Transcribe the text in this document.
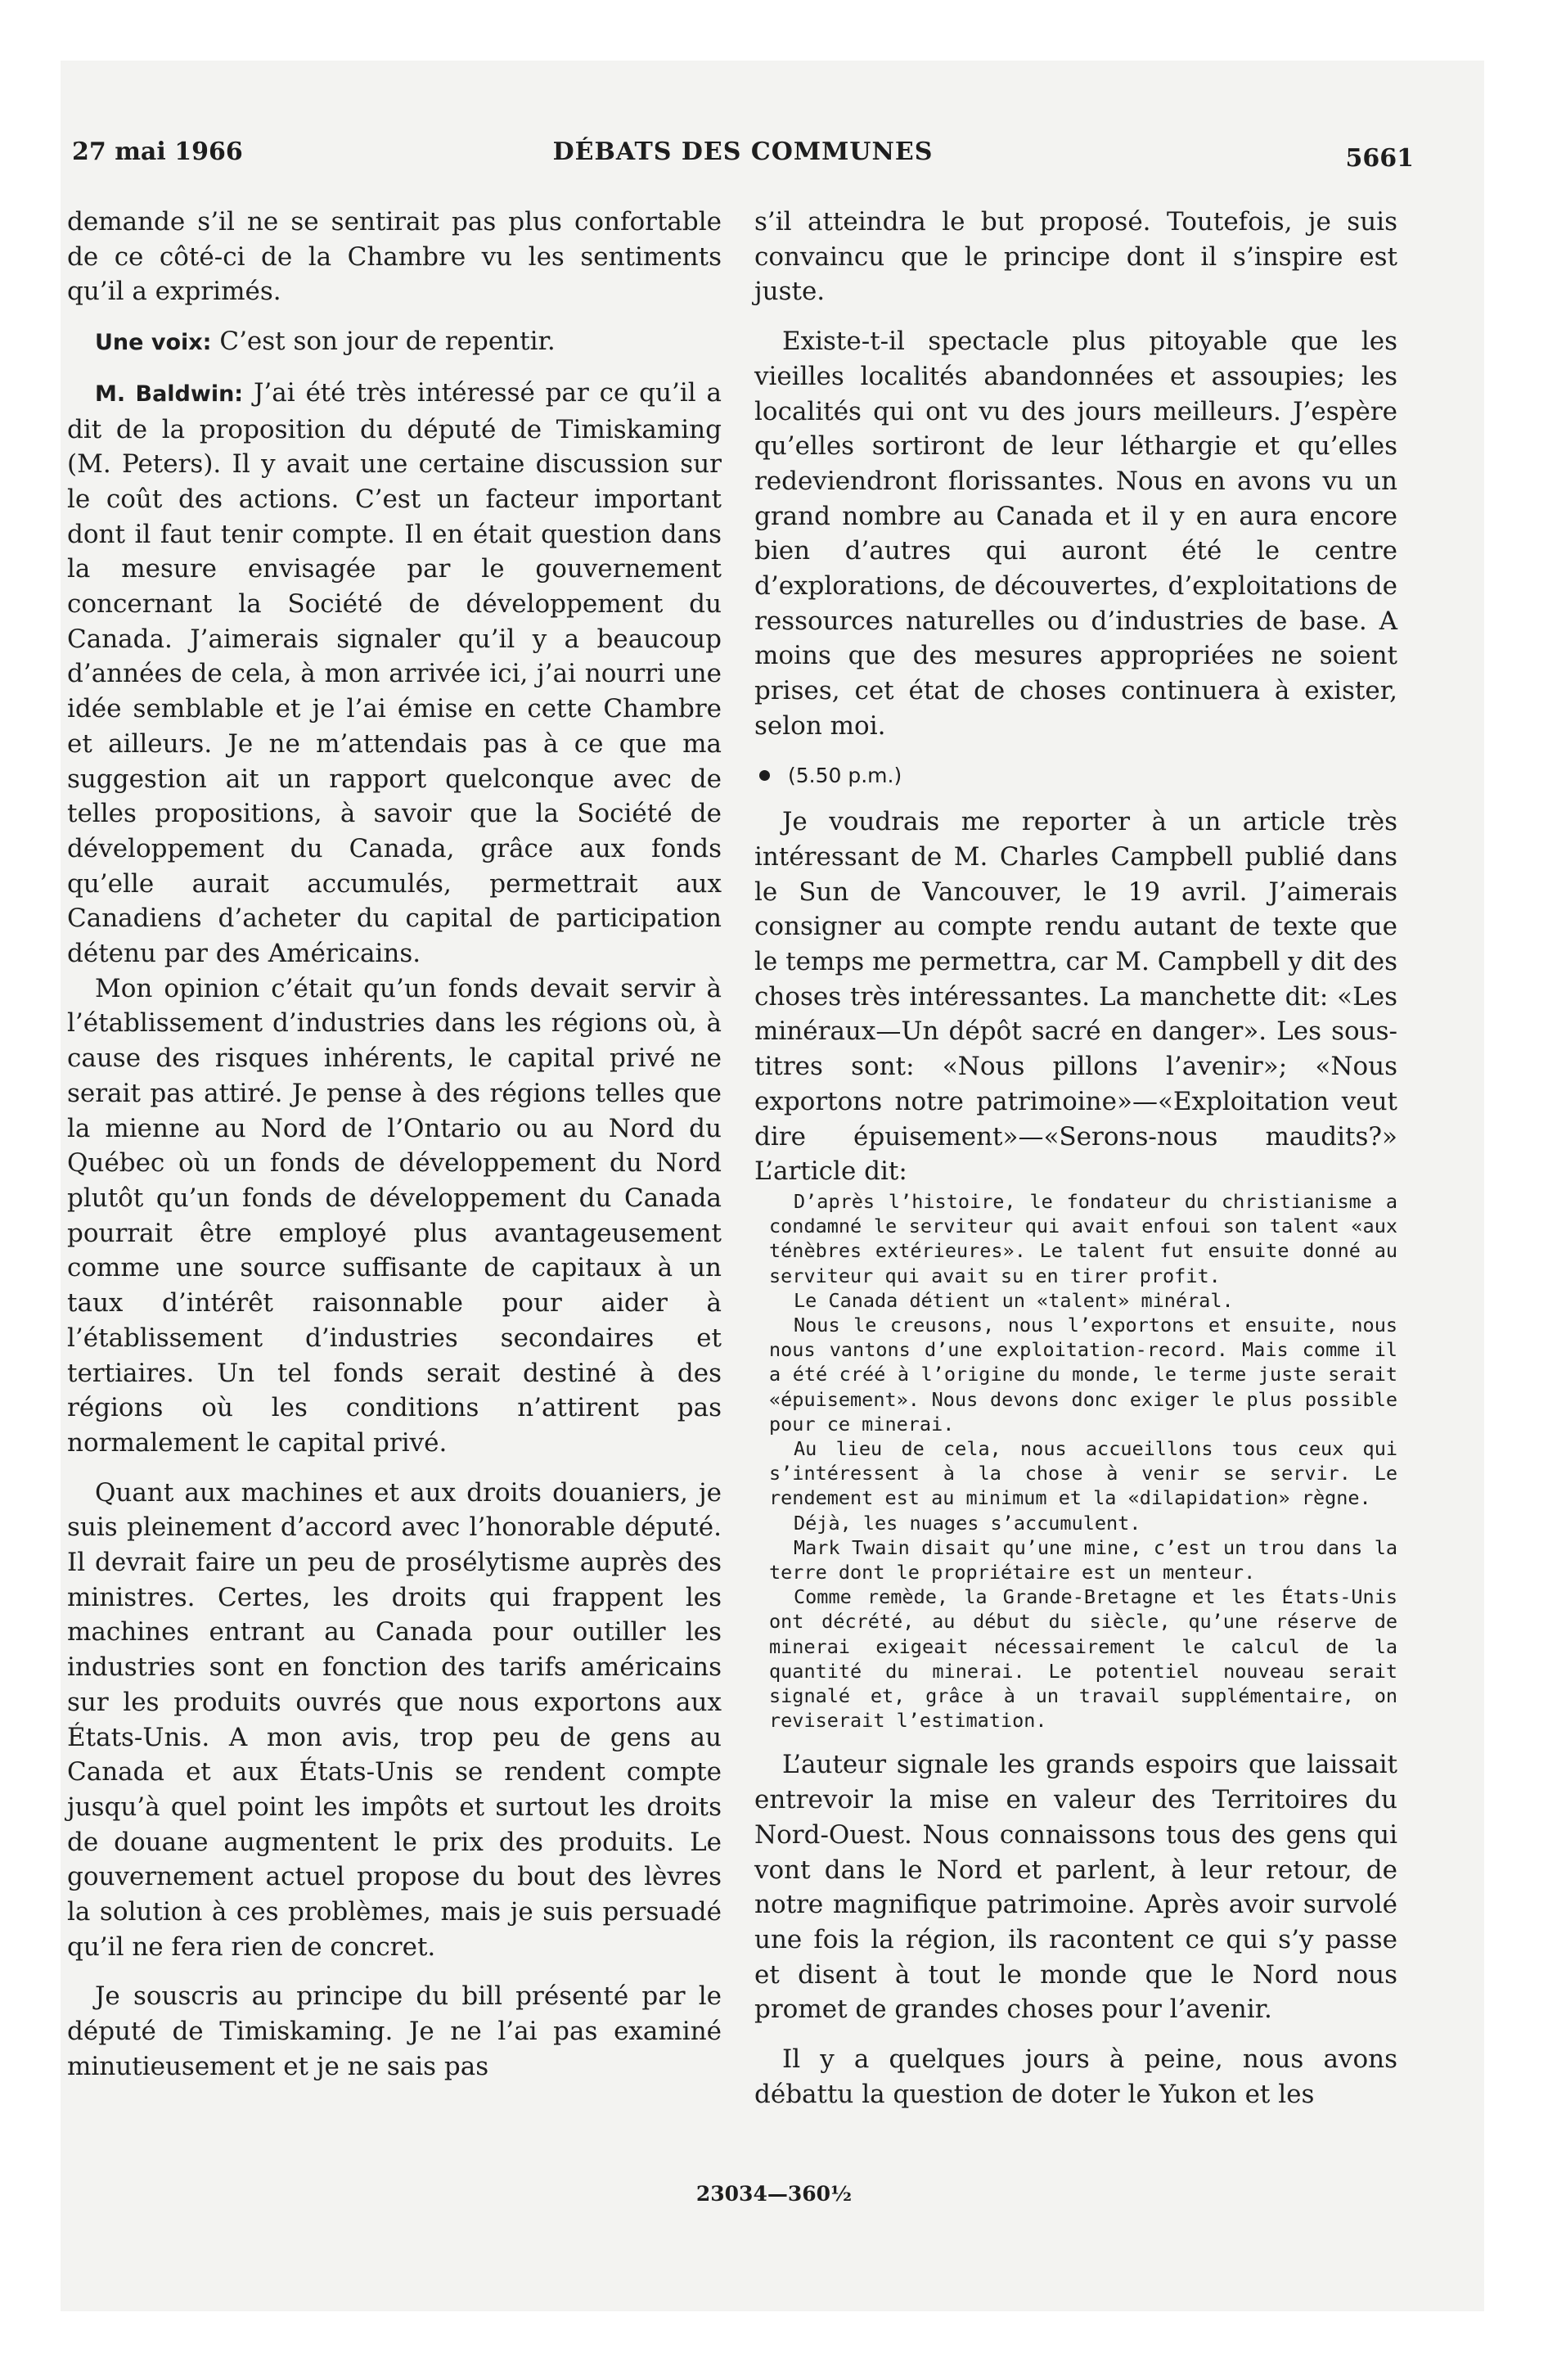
27 mai 1966	DÉBATS DES COMMUNES	5661

demande s’il ne se sentirait pas plus confortable de ce côté-ci de la Chambre vu les sentiments qu’il a exprimés.

Une voix: C’est son jour de repentir.

M. Baldwin: J’ai été très intéressé par ce qu’il a dit de la proposition du député de Timiskaming (M. Peters). Il y avait une certaine discussion sur le coût des actions. C’est un facteur important dont il faut tenir compte. Il en était question dans la mesure envisagée par le gouvernement concernant la Société de développement du Canada. J’aimerais signaler qu’il y a beaucoup d’années de cela, à mon arrivée ici, j’ai nourri une idée semblable et je l’ai émise en cette Chambre et ailleurs. Je ne m’attendais pas à ce que ma suggestion ait un rapport quelconque avec de telles propositions, à savoir que la Société de développement du Canada, grâce aux fonds qu’elle aurait accumulés, permettrait aux Canadiens d’acheter du capital de participation détenu par des Américains.

Mon opinion c’était qu’un fonds devait servir à l’établissement d’industries dans les régions où, à cause des risques inhérents, le capital privé ne serait pas attiré. Je pense à des régions telles que la mienne au Nord de l’Ontario ou au Nord du Québec où un fonds de développement du Nord plutôt qu’un fonds de développement du Canada pourrait être employé plus avantageusement comme une source suffisante de capitaux à un taux d’intérêt raisonnable pour aider à l’établissement d’industries secondaires et tertiaires. Un tel fonds serait destiné à des régions où les conditions n’attirent pas normalement le capital privé.

Quant aux machines et aux droits douaniers, je suis pleinement d’accord avec l’honorable député. Il devrait faire un peu de prosélytisme auprès des ministres. Certes, les droits qui frappent les machines entrant au Canada pour outiller les industries sont en fonction des tarifs américains sur les produits ouvrés que nous exportons aux États-Unis. A mon avis, trop peu de gens au Canada et aux États-Unis se rendent compte jusqu’à quel point les impôts et surtout les droits de douane augmentent le prix des produits. Le gouvernement actuel propose du bout des lèvres la solution à ces problèmes, mais je suis persuadé qu’il ne fera rien de concret.

Je souscris au principe du bill présenté par le député de Timiskaming. Je ne l’ai pas examiné minutieusement et je ne sais pas

s’il atteindra le but proposé. Toutefois, je suis convaincu que le principe dont il s’inspire est juste.

Existe-t-il spectacle plus pitoyable que les vieilles localités abandonnées et assoupies; les localités qui ont vu des jours meilleurs. J’espère qu’elles sortiront de leur léthargie et qu’elles redeviendront florissantes. Nous en avons vu un grand nombre au Canada et il y en aura encore bien d’autres qui auront été le centre d’explorations, de découvertes, d’exploitations de ressources naturelles ou d’industries de base. A moins que des mesures appropriées ne soient prises, cet état de choses continuera à exister, selon moi.

(5.50 p.m.)

Je voudrais me reporter à un article très intéressant de M. Charles Campbell publié dans le Sun de Vancouver, le 19 avril. J’aimerais consigner au compte rendu autant de texte que le temps me permettra, car M. Campbell y dit des choses très intéressantes. La manchette dit: «Les minéraux—Un dépôt sacré en danger». Les sous-titres sont: «Nous pillons l’avenir»; «Nous exportons notre patrimoine»—«Exploitation veut dire épuisement»—«Serons-nous maudits?» L’article dit:

D’après l’histoire, le fondateur du christianisme a condamné le serviteur qui avait enfoui son talent «aux ténèbres extérieures». Le talent fut ensuite donné au serviteur qui avait su en tirer profit.

Le Canada détient un «talent» minéral.

Nous le creusons, nous l’exportons et ensuite, nous nous vantons d’une exploitation-record. Mais comme il a été créé à l’origine du monde, le terme juste serait «épuisement». Nous devons donc exiger le plus possible pour ce minerai.

Au lieu de cela, nous accueillons tous ceux qui s’intéressent à la chose à venir se servir. Le rendement est au minimum et la «dilapidation» règne.

Déjà, les nuages s’accumulent.

Mark Twain disait qu’une mine, c’est un trou dans la terre dont le propriétaire est un menteur.

Comme remède, la Grande-Bretagne et les États-Unis ont décrété, au début du siècle, qu’une réserve de minerai exigeait nécessairement le calcul de la quantité du minerai. Le potentiel nouveau serait signalé et, grâce à un travail supplémentaire, on reviserait l’estimation.

L’auteur signale les grands espoirs que laissait entrevoir la mise en valeur des Territoires du Nord-Ouest. Nous connaissons tous des gens qui vont dans le Nord et parlent, à leur retour, de notre magnifique patrimoine. Après avoir survolé une fois la région, ils racontent ce qui s’y passe et disent à tout le monde que le Nord nous promet de grandes choses pour l’avenir.

Il y a quelques jours à peine, nous avons débattu la question de doter le Yukon et les

23034—360½
